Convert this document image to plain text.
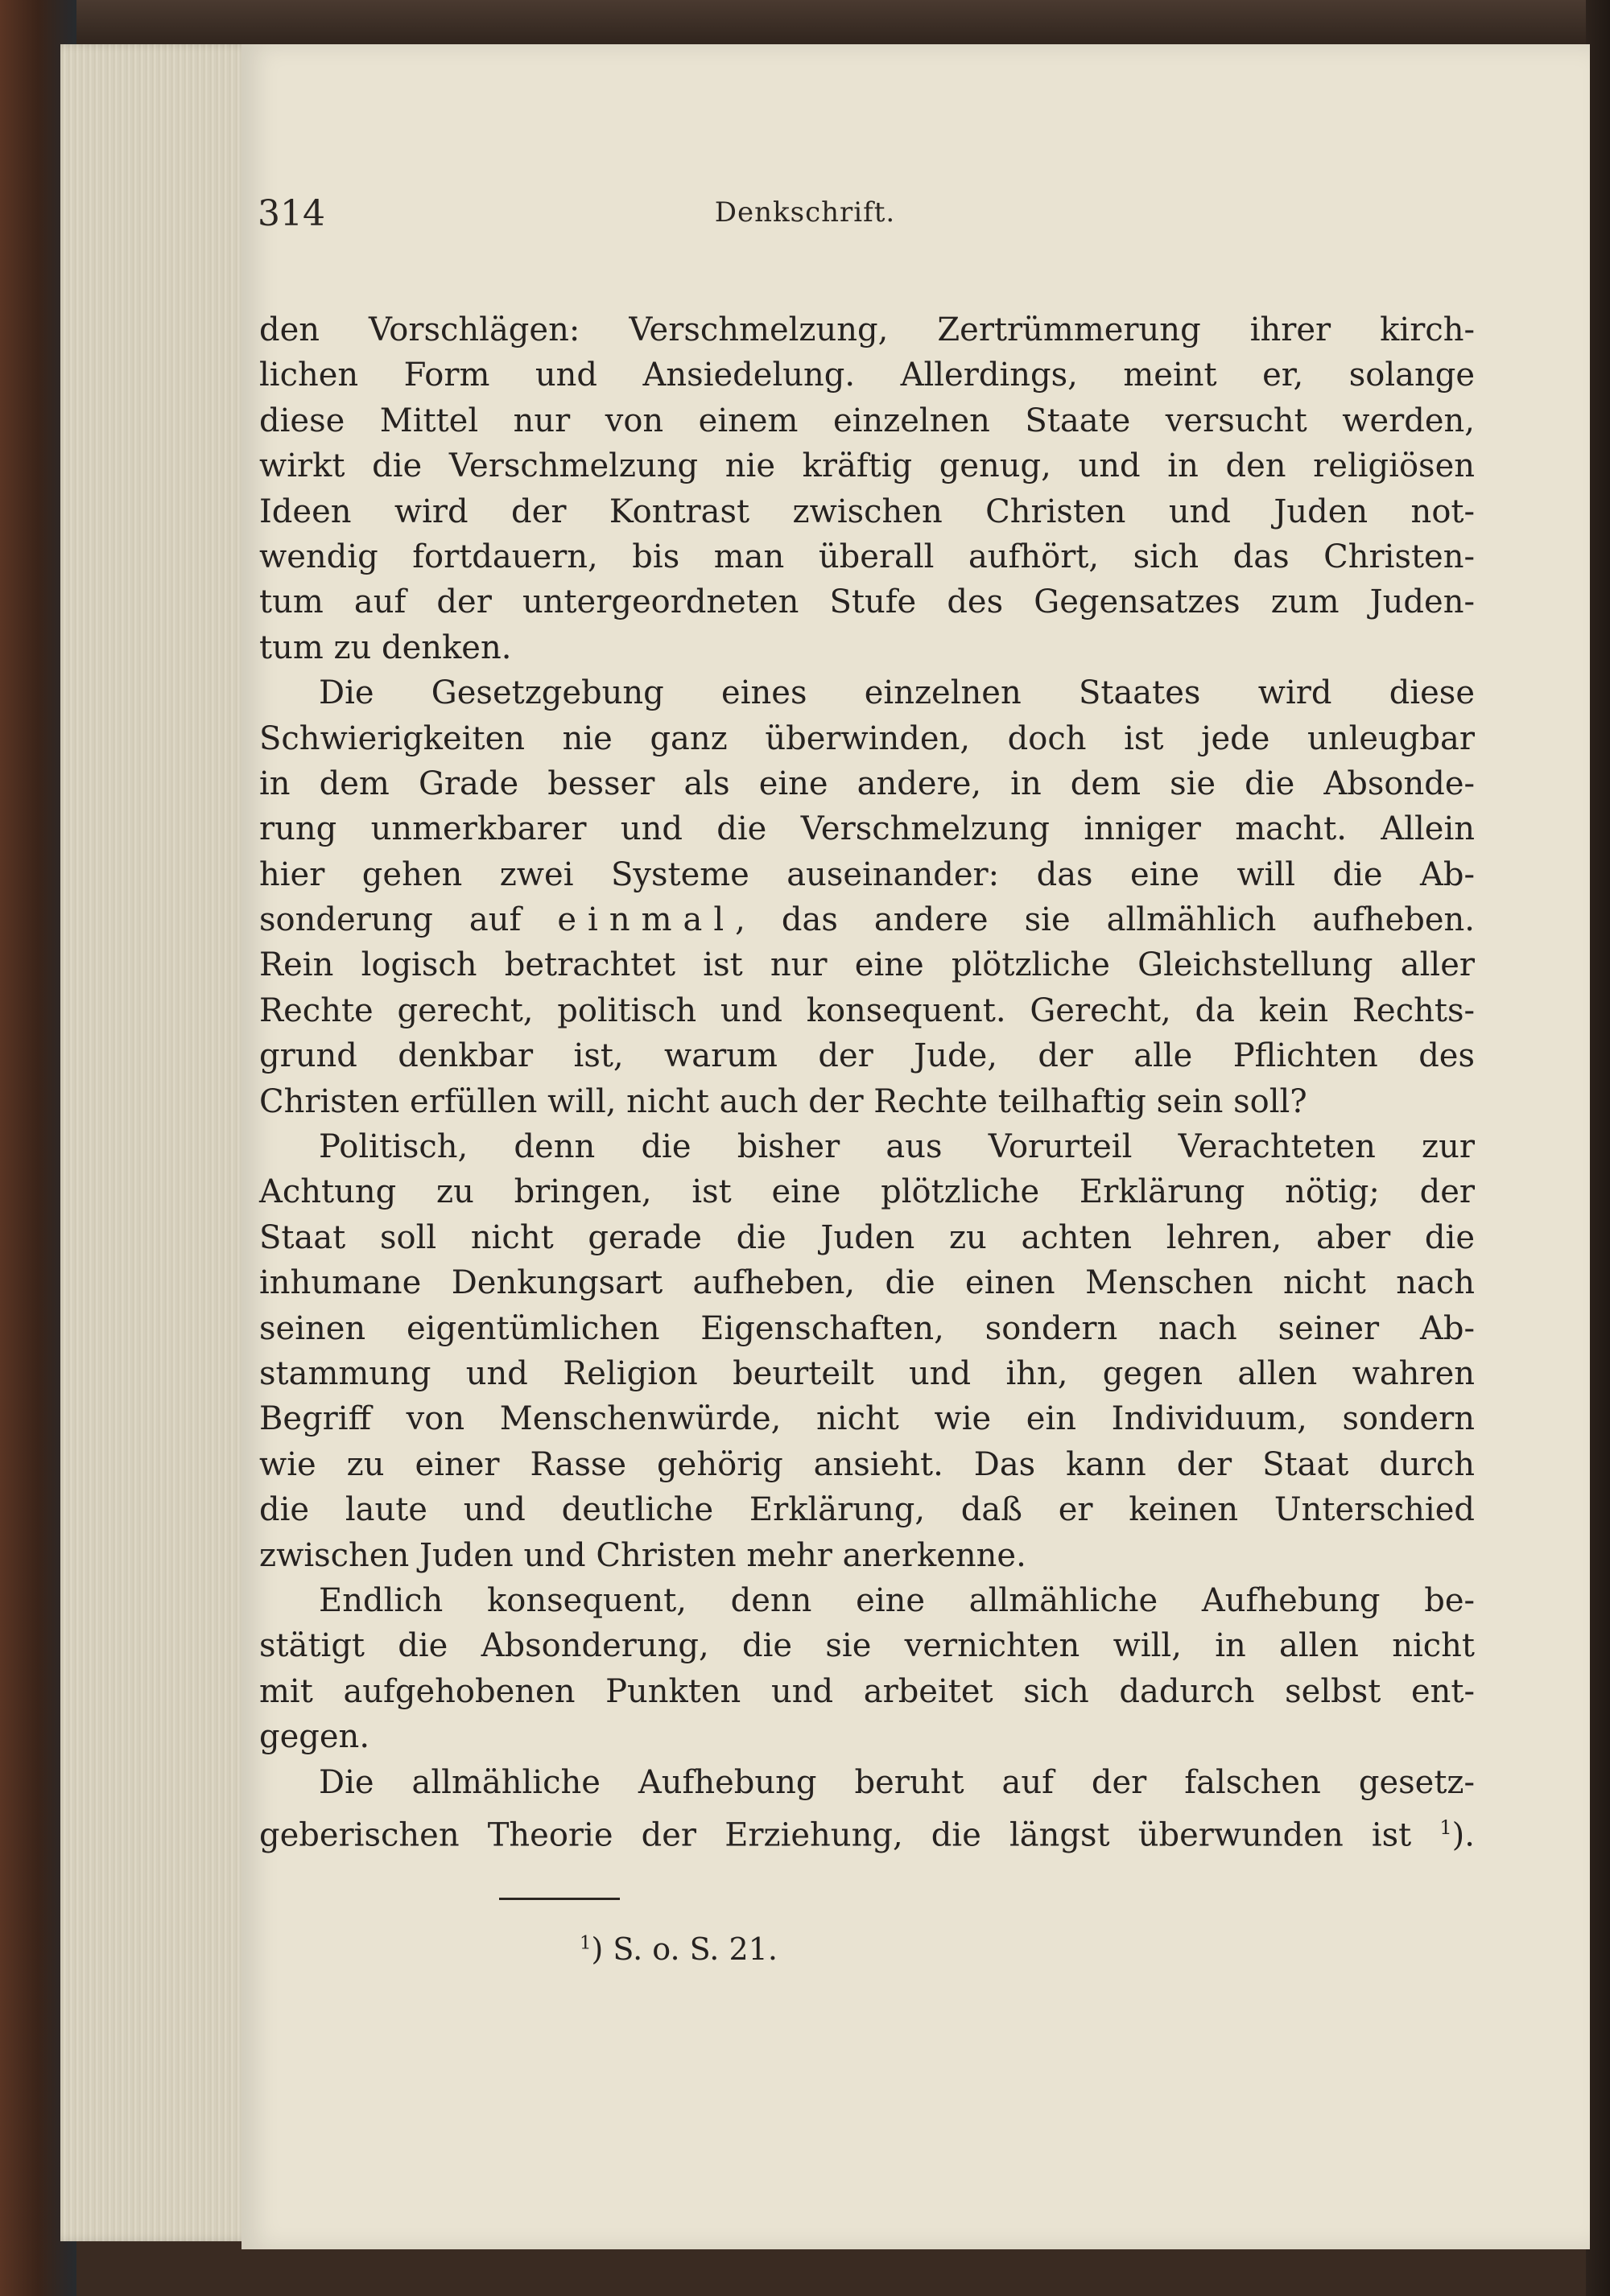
314	Denkschrift.
den Vorschlägen: Verschmelzung, Zertrümmerung ihrer kirch-
lichen Form und Ansiedelung. Allerdings, meint er, solange
diese Mittel nur von einem einzelnen Staate versucht werden,
wirkt die Verschmelzung nie kräftig genug, und in den religiösen
Ideen wird der Kontrast zwischen Christen und Juden not-
wendig fortdauern, bis man überall aufhört, sich das Christen-
tum auf der untergeordneten Stufe des Gegensatzes zum Juden-
tum zu denken.
Die Gesetzgebung eines einzelnen Staates wird diese
Schwierigkeiten nie ganz überwinden, doch ist jede unleugbar
in dem Grade besser als eine andere, in dem sie die Absonde-
rung unmerkbarer und die Verschmelzung inniger macht. Allein
hier gehen zwei Systeme auseinander: das eine will die Ab-
sonderung auf einmal, das andere sie allmählich aufheben.
Rein logisch betrachtet ist nur eine plötzliche Gleichstellung aller
Rechte gerecht, politisch und konsequent. Gerecht, da kein Rechts-
grund denkbar ist, warum der Jude, der alle Pflichten des
Christen erfüllen will, nicht auch der Rechte teilhaftig sein soll?
Politisch, denn die bisher aus Vorurteil Verachteten zur
Achtung zu bringen, ist eine plötzliche Erklärung nötig; der
Staat soll nicht gerade die Juden zu achten lehren, aber die
inhumane Denkungsart aufheben, die einen Menschen nicht nach
seinen eigentümlichen Eigenschaften, sondern nach seiner Ab-
stammung und Religion beurteilt und ihn, gegen allen wahren
Begriff von Menschenwürde, nicht wie ein Individuum, sondern
wie zu einer Rasse gehörig ansieht. Das kann der Staat durch
die laute und deutliche Erklärung, daß er keinen Unterschied
zwischen Juden und Christen mehr anerkenne.
Endlich konsequent, denn eine allmähliche Aufhebung be-
stätigt die Absonderung, die sie vernichten will, in allen nicht
mit aufgehobenen Punkten und arbeitet sich dadurch selbst ent-
gegen.
Die allmähliche Aufhebung beruht auf der falschen gesetz-
geberischen Theorie der Erziehung, die längst überwunden ist $^1$).
$^1$) S. o. S. 21.
